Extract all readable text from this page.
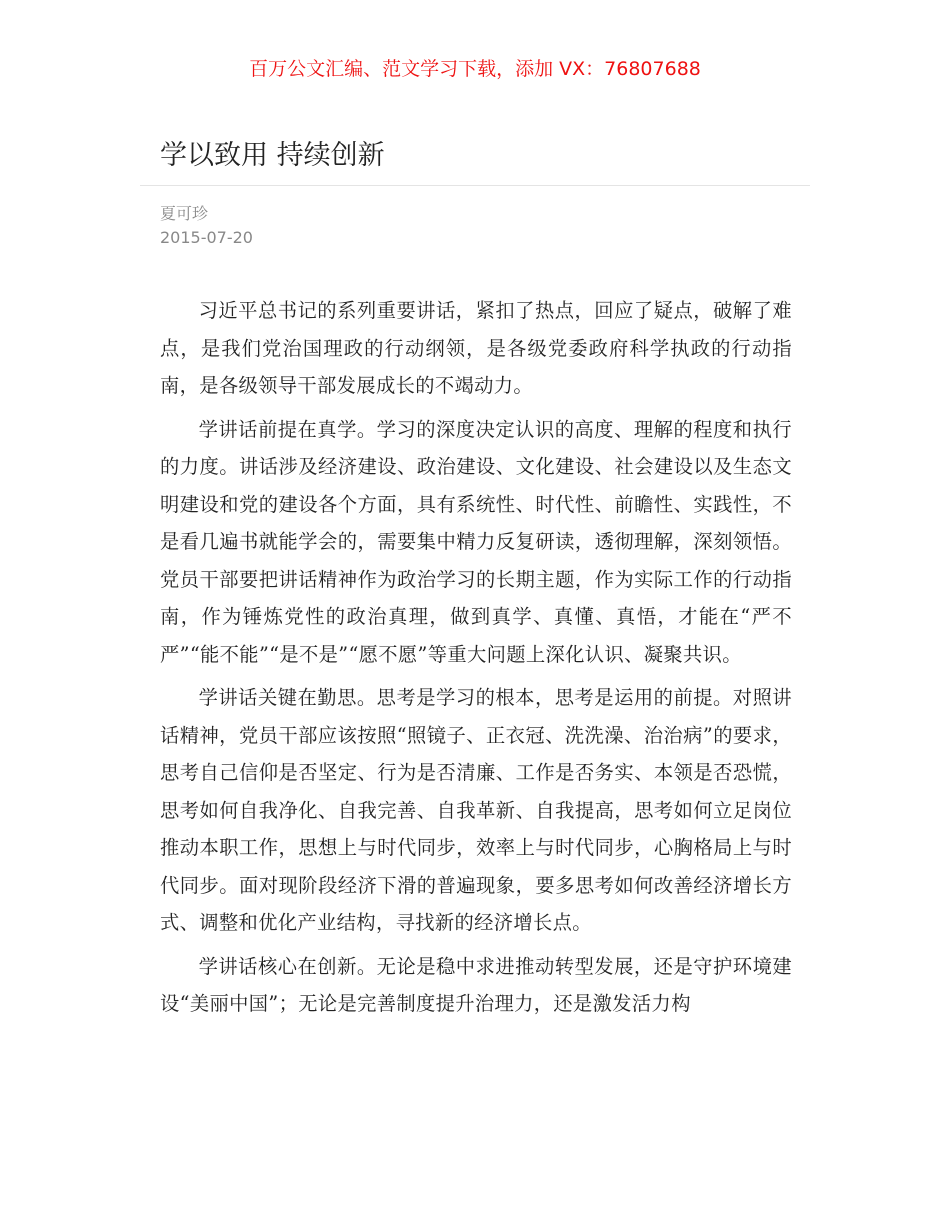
百万公文汇编、范文学习下载，添加 VX：76807688
学以致用 持续创新
夏可珍
2015-07-20

习近平总书记的系列重要讲话，紧扣了热点，回应了疑点，破解了难点，是我们党治国理政的行动纲领，是各级党委政府科学执政的行动指南，是各级领导干部发展成长的不竭动力。

学讲话前提在真学。学习的深度决定认识的高度、理解的程度和执行的力度。讲话涉及经济建设、政治建设、文化建设、社会建设以及生态文明建设和党的建设各个方面，具有系统性、时代性、前瞻性、实践性，不是看几遍书就能学会的，需要集中精力反复研读，透彻理解，深刻领悟。党员干部要把讲话精神作为政治学习的长期主题，作为实际工作的行动指南，作为锤炼党性的政治真理，做到真学、真懂、真悟，才能在“严不严”“能不能”“是不是”“愿不愿”等重大问题上深化认识、凝聚共识。

学讲话关键在勤思。思考是学习的根本，思考是运用的前提。对照讲话精神，党员干部应该按照“照镜子、正衣冠、洗洗澡、治治病”的要求，思考自己信仰是否坚定、行为是否清廉、工作是否务实、本领是否恐慌，思考如何自我净化、自我完善、自我革新、自我提高，思考如何立足岗位推动本职工作，思想上与时代同步，效率上与时代同步，心胸格局上与时代同步。面对现阶段经济下滑的普遍现象，要多思考如何改善经济增长方式、调整和优化产业结构，寻找新的经济增长点。

学讲话核心在创新。无论是稳中求进推动转型发展，还是守护环境建设“美丽中国”；无论是完善制度提升治理力，还是激发活力构
